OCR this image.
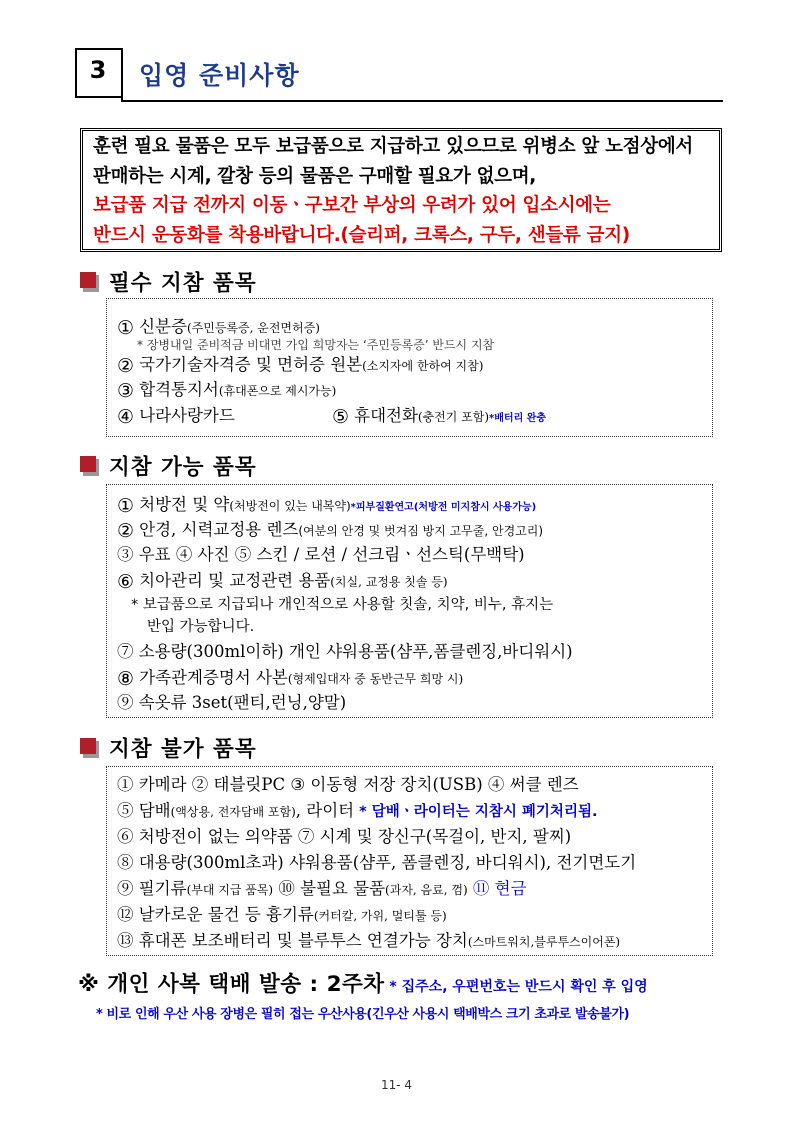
3	입영 준비사항
훈련 필요 물품은 모두 보급품으로 지급하고 있으므로 위병소 앞 노점상에서
판매하는 시계, 깔창 등의 물품은 구매할 필요가 없으며,
보급품 지급 전까지 이동ㆍ구보간 부상의 우려가 있어 입소시에는
반드시 운동화를 착용바랍니다.(슬리퍼, 크록스, 구두, 샌들류 금지)
필수 지참 품목
① 신분증(주민등록증, 운전면허증)
* 장병내일 준비적금 비대면 가입 희망자는 ‘주민등록증’ 반드시 지참
② 국가기술자격증 및 면허증 원본(소지자에 한하여 지참)
③ 합격통지서(휴대폰으로 제시가능)
④ 나라사랑카드	⑤ 휴대전화(충전기 포함)*배터리 완충
지참 가능 품목
① 처방전 및 약(처방전이 있는 내복약)*피부질환연고(처방전 미지참시 사용가능)
② 안경, 시력교정용 렌즈(여분의 안경 및 벗겨짐 방지 고무줄, 안경고리)
③ 우표 ④ 사진 ⑤ 스킨 / 로션 / 선크림ㆍ선스틱(무백탁)
⑥ 치아관리 및 교정관련 용품(치실, 교정용 칫솔 등)
* 보급품으로 지급되나 개인적으로 사용할 칫솔, 치약, 비누, 휴지는
반입 가능합니다.
⑦ 소용량(300ml이하) 개인 샤워용품(샴푸,폼클렌징,바디워시)
⑧ 가족관계증명서 사본(형제입대자 중 동반근무 희망 시)
⑨ 속옷류 3set(팬티,런닝,양말)
지참 불가 품목
① 카메라 ② 태블릿PC ③ 이동형 저장 장치(USB) ④ 써클 렌즈
⑤ 담배(액상용, 전자담배 포함), 라이터 * 담배ㆍ라이터는 지참시 폐기처리됨.
⑥ 처방전이 없는 의약품 ⑦ 시계 및 장신구(목걸이, 반지, 팔찌)
⑧ 대용량(300ml초과) 샤워용품(샴푸, 폼클렌징, 바디워시), 전기면도기
⑨ 필기류(부대 지급 품목) ⑩ 불필요 물품(과자, 음료, 껌) ⑪ 현금
⑫ 날카로운 물건 등 흉기류(커터칼, 가위, 멀티툴 등)
⑬ 휴대폰 보조배터리 및 블루투스 연결가능 장치(스마트워치,블루투스이어폰)
※ 개인 사복 택배 발송 : 2주차 * 집주소, 우편번호는 반드시 확인 후 입영
* 비로 인해 우산 사용 장병은 필히 접는 우산사용(긴우산 사용시 택배박스 크기 초과로 발송불가)
11- 4
